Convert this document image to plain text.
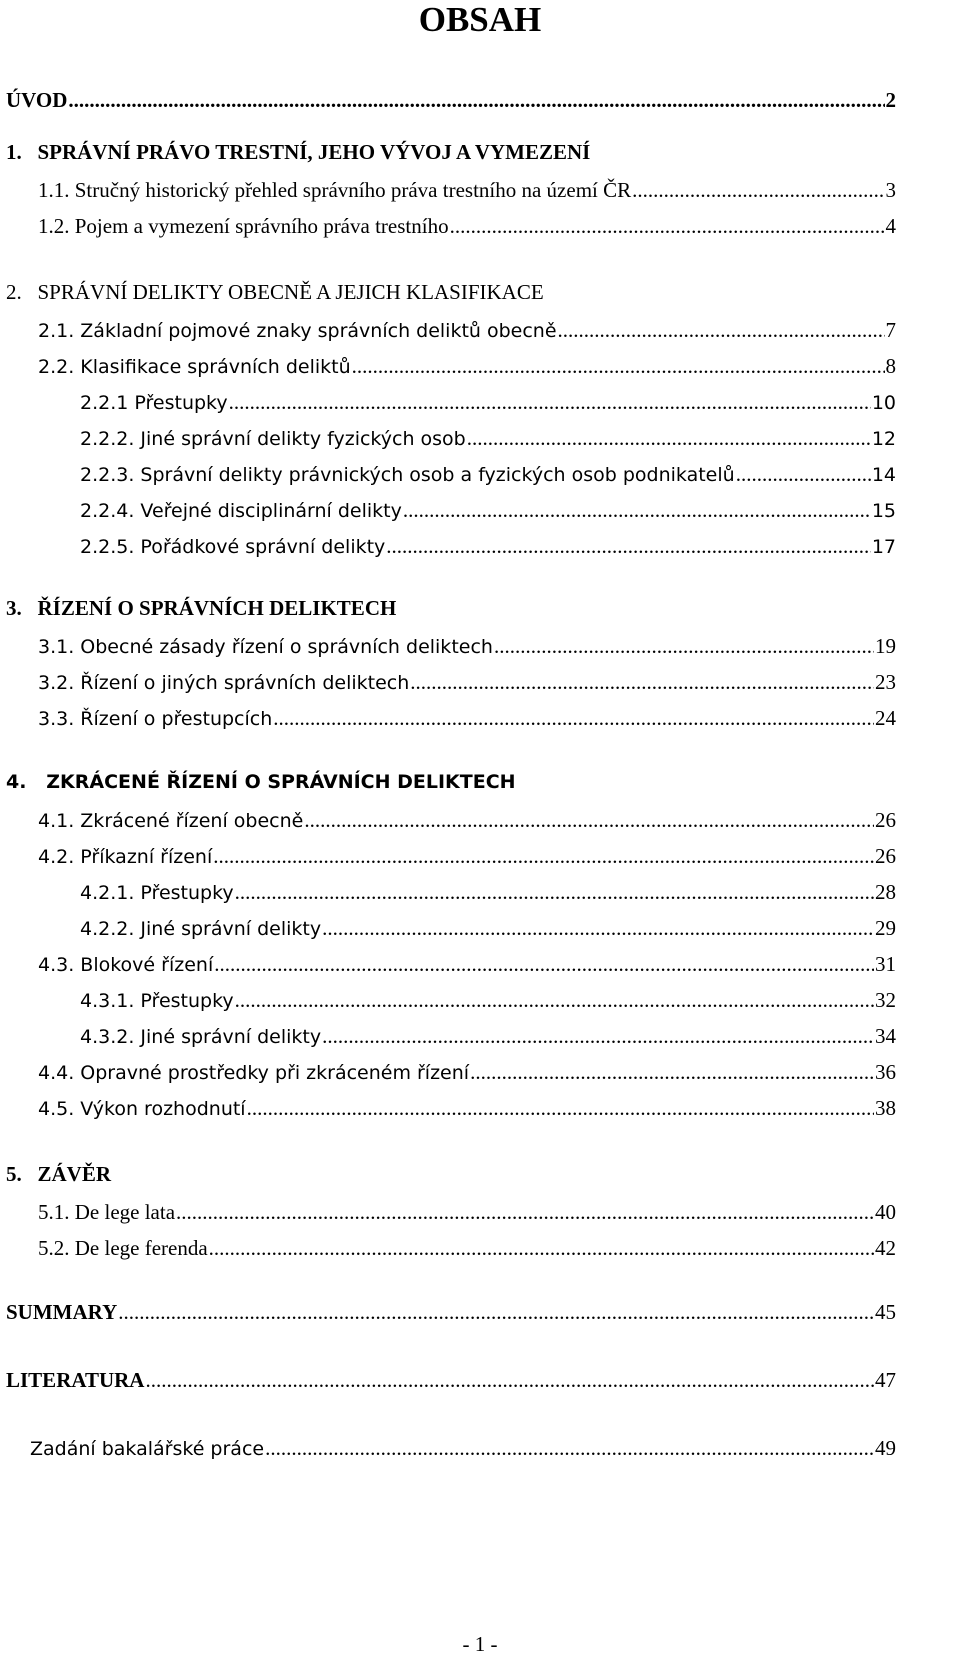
OBSAH
ÚVOD .....	2
1.   SPRÁVNÍ PRÁVO TRESTNÍ, JEHO VÝVOJ A VYMEZENÍ
1.1. Stručný historický přehled správního práva trestního na území ČR .....	3
1.2. Pojem a vymezení správního práva trestního .....	4
2.   SPRÁVNÍ DELIKTY OBECNĚ A JEJICH KLASIFIKACE
2.1. Základní pojmové znaky správních deliktů obecně .....	7
2.2. Klasifikace správních deliktů .....	8
2.2.1 Přestupky .....	10
2.2.2. Jiné správní delikty fyzických osob .....	12
2.2.3. Správní delikty právnických osob a fyzických osob podnikatelů .....	14
2.2.4. Veřejné disciplinární delikty .....	15
2.2.5. Pořádkové správní delikty .....	17
3.   ŘÍZENÍ O SPRÁVNÍCH DELIKTECH
3.1. Obecné zásady řízení o správních deliktech .....	19
3.2. Řízení o jiných správních deliktech .....	23
3.3. Řízení o přestupcích .....	24
4.   ZKRÁCENÉ ŘÍZENÍ O SPRÁVNÍCH DELIKTECH
4.1. Zkrácené řízení obecně .....	26
4.2. Příkazní řízení .....	26
4.2.1. Přestupky .....	28
4.2.2. Jiné správní delikty .....	29
4.3. Blokové řízení .....	31
4.3.1. Přestupky .....	32
4.3.2. Jiné správní delikty .....	34
4.4. Opravné prostředky při zkráceném řízení .....	36
4.5. Výkon rozhodnutí .....	38
5.   ZÁVĚR
5.1. De lege lata .....	40
5.2. De lege ferenda .....	42
SUMMARY .....	45
LITERATURA .....	47
Zadání bakalářské práce .....	49
- 1 -
